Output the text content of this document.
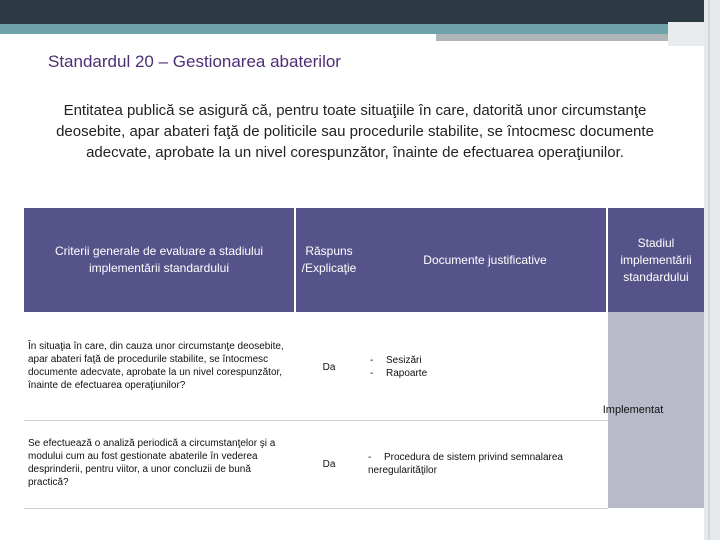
Standardul 20 – Gestionarea abaterilor
Entitatea publică se asigură că, pentru toate situaţiile în care, datorită unor circumstanţe deosebite, apar abateri faţă de politicile sau procedurile stabilite, se întocmesc documente adecvate, aprobate la un nivel corespunzător, înainte de efectuarea operaţiunilor.
Criterii generale de evaluare a stadiului implementării standardului
Răspuns /Explicaţie
Documente justificative
Stadiul implementării standardului
În situaţia în care, din cauza unor circumstanţe deosebite, apar abateri faţă de procedurile stabilite, se întocmesc documente adecvate, aprobate la un nivel corespunzător, înainte de efectuarea operaţiunilor?
Da
- Sesizări
- Rapoarte
Se efectuează o analiză periodică a circumstanţelor şi a modului cum au fost gestionate abaterile în vederea desprinderii, pentru viitor, a unor concluzii de bună practică?
Da
- Procedura de sistem privind semnalarea neregularităţilor
Implementat
